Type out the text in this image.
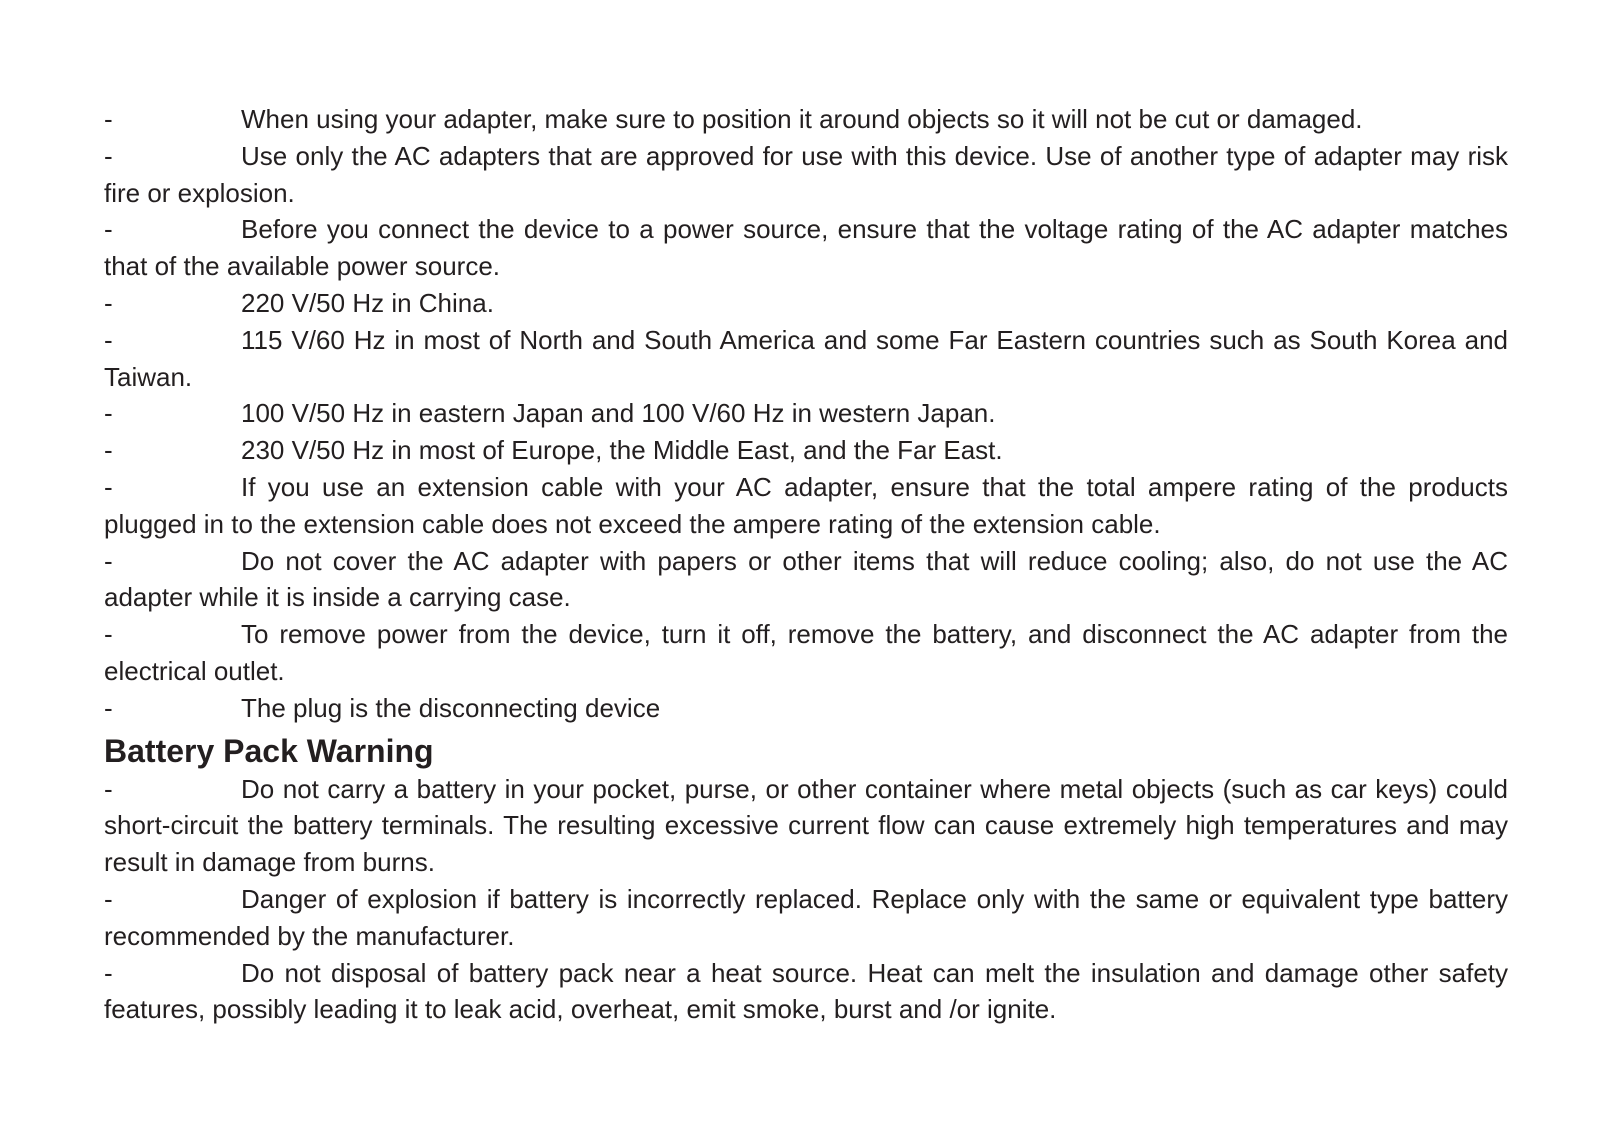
-	When using your adapter, make sure to position it around objects so it will not be cut or damaged.

-	Use only the AC adapters that are approved for use with this device. Use of another type of adapter may risk fire or explosion.

-	Before you connect the device to a power source, ensure that the voltage rating of the AC adapter matches that of the available power source.

-	220 V/50 Hz in China.

-	115 V/60 Hz in most of North and South America and some Far Eastern countries such as South Korea and Taiwan.

-	100 V/50 Hz in eastern Japan and 100 V/60 Hz in western Japan.

-	230 V/50 Hz in most of Europe, the Middle East, and the Far East.

-	If you use an extension cable with your AC adapter, ensure that the total ampere rating of the products plugged in to the extension cable does not exceed the ampere rating of the extension cable.

-	Do not cover the AC adapter with papers or other items that will reduce cooling; also, do not use the AC adapter while it is inside a carrying case.

-	To remove power from the device, turn it off, remove the battery, and disconnect the AC adapter from the electrical outlet.

-	The plug is the disconnecting device

Battery Pack Warning

-	Do not carry a battery in your pocket, purse, or other container where metal objects (such as car keys) could short-circuit the battery terminals. The resulting excessive current flow can cause extremely high temperatures and may result in damage from burns.

-	Danger of explosion if battery is incorrectly replaced. Replace only with the same or equivalent type battery recommended by the manufacturer.

-	Do not disposal of battery pack near a heat source. Heat can melt the insulation and damage other safety features, possibly leading it to leak acid, overheat, emit smoke, burst and /or ignite.
